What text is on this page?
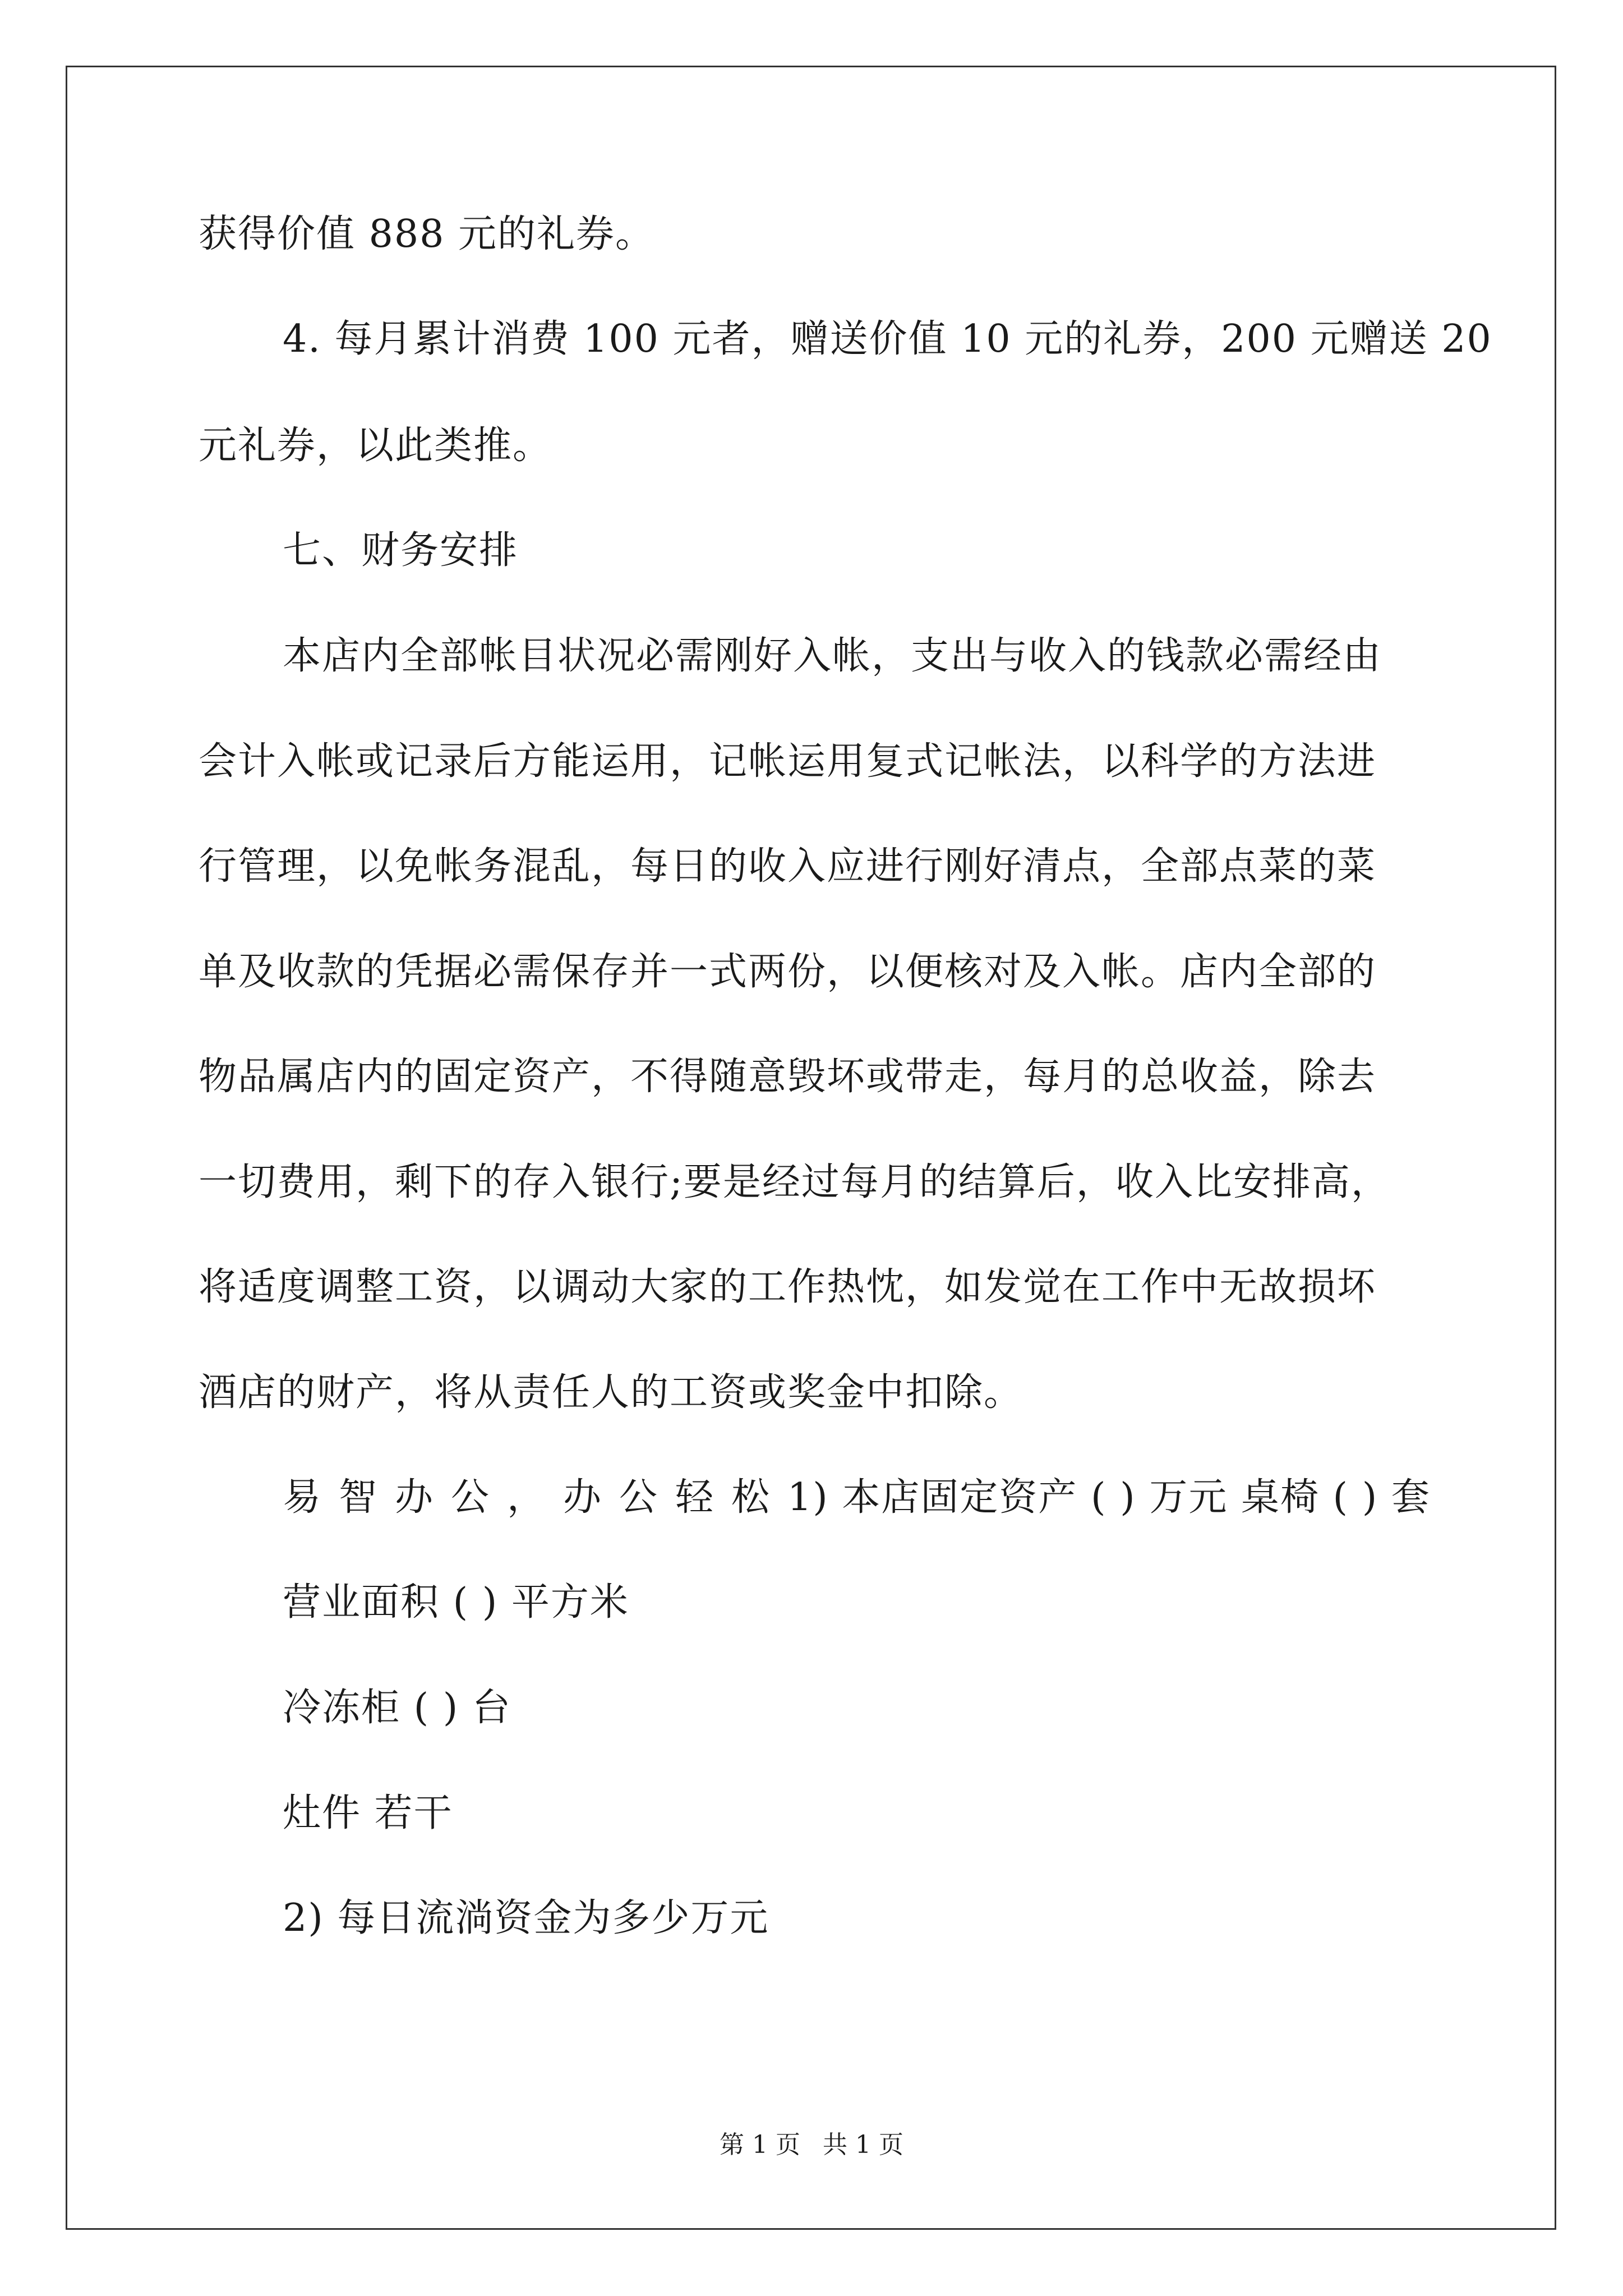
获得价值 888 元的礼券。
4. 每月累计消费 100 元者，赠送价值 10 元的礼券，200 元赠送 20
元礼券，以此类推。
七、财务安排
本店内全部帐目状况必需刚好入帐，支出与收入的钱款必需经由
会计入帐或记录后方能运用，记帐运用复式记帐法，以科学的方法进
行管理，以免帐务混乱，每日的收入应进行刚好清点，全部点菜的菜
单及收款的凭据必需保存并一式两份，以便核对及入帐。店内全部的
物品属店内的固定资产，不得随意毁坏或带走，每月的总收益，除去
一切费用，剩下的存入银行;要是经过每月的结算后，收入比安排高，
将适度调整工资，以调动大家的工作热忱，如发觉在工作中无故损坏
酒店的财产，将从责任人的工资或奖金中扣除。
易智办公，办公轻松1) 本店固定资产 ( ) 万元 桌椅 ( ) 套
营业面积 ( ) 平方米
冷冻柜 ( ) 台
灶件 若干
2) 每日流淌资金为多少万元
第 1 页 共 1 页
